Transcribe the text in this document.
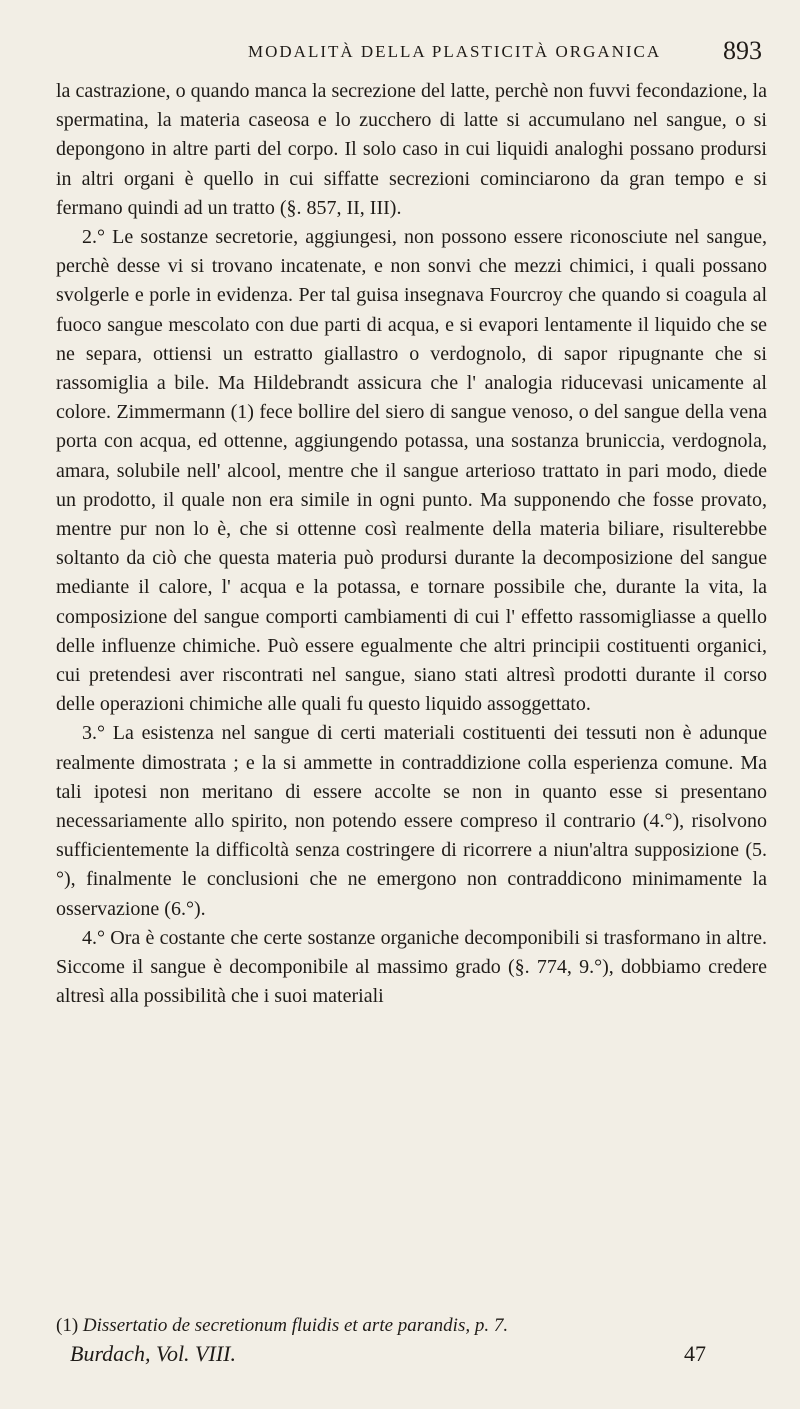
MODALITÀ DELLA PLASTICITÀ ORGANICA 893

la castrazione, o quando manca la secrezione del latte, perchè non fuvvi fecondazione, la spermatina, la materia caseosa e lo zucchero di latte si accumulano nel sangue, o si depongono in altre parti del corpo. Il solo caso in cui liquidi analoghi possano prodursi in altri organi è quello in cui siffatte secrezioni cominciarono da gran tempo e si fermano quindi ad un tratto (§. 857, II, III).

2.° Le sostanze secretorie, aggiungesi, non possono essere riconosciute nel sangue, perchè desse vi si trovano incatenate, e non sonvi che mezzi chimici, i quali possano svolgerle e porle in evidenza. Per tal guisa insegnava Fourcroy che quando si coagula al fuoco sangue mescolato con due parti di acqua, e si evapori lentamente il liquido che se ne separa, ottiensi un estratto giallastro o verdognolo, di sapor ripugnante che si rassomiglia a bile. Ma Hildebrandt assicura che l' analogia riducevasi unicamente al colore. Zimmermann (1) fece bollire del siero di sangue venoso, o del sangue della vena porta con acqua, ed ottenne, aggiungendo potassa, una sostanza bruniccia, verdognola, amara, solubile nell' alcool, mentre che il sangue arterioso trattato in pari modo, diede un prodotto, il quale non era simile in ogni punto. Ma supponendo che fosse provato, mentre pur non lo è, che si ottenne così realmente della materia biliare, risulterebbe soltanto da ciò che questa materia può prodursi durante la decomposizione del sangue mediante il calore, l' acqua e la potassa, e tornare possibile che, durante la vita, la composizione del sangue comporti cambiamenti di cui l' effetto rassomigliasse a quello delle influenze chimiche. Può essere egualmente che altri principii costituenti organici, cui pretendesi aver riscontrati nel sangue, siano stati altresì prodotti durante il corso delle operazioni chimiche alle quali fu questo liquido assoggettato.

3.° La esistenza nel sangue di certi materiali costituenti dei tessuti non è adunque realmente dimostrata ; e la si ammette in contraddizione colla esperienza comune. Ma tali ipotesi non meritano di essere accolte se non in quanto esse si presentano necessariamente allo spirito, non potendo essere compreso il contrario (4.°), risolvono sufficientemente la difficoltà senza costringere di ricorrere a niun'altra supposizione (5.°), finalmente le conclusioni che ne emergono non contraddicono minimamente la osservazione (6.°).

4.° Ora è costante che certe sostanze organiche decomponibili si trasformano in altre. Siccome il sangue è decomponibile al massimo grado (§. 774, 9.°), dobbiamo credere altresì alla possibilità che i suoi materiali

(1) Dissertatio de secretionum fluidis et arte parandis, p. 7.

Burdach, Vol. VIII.	47
